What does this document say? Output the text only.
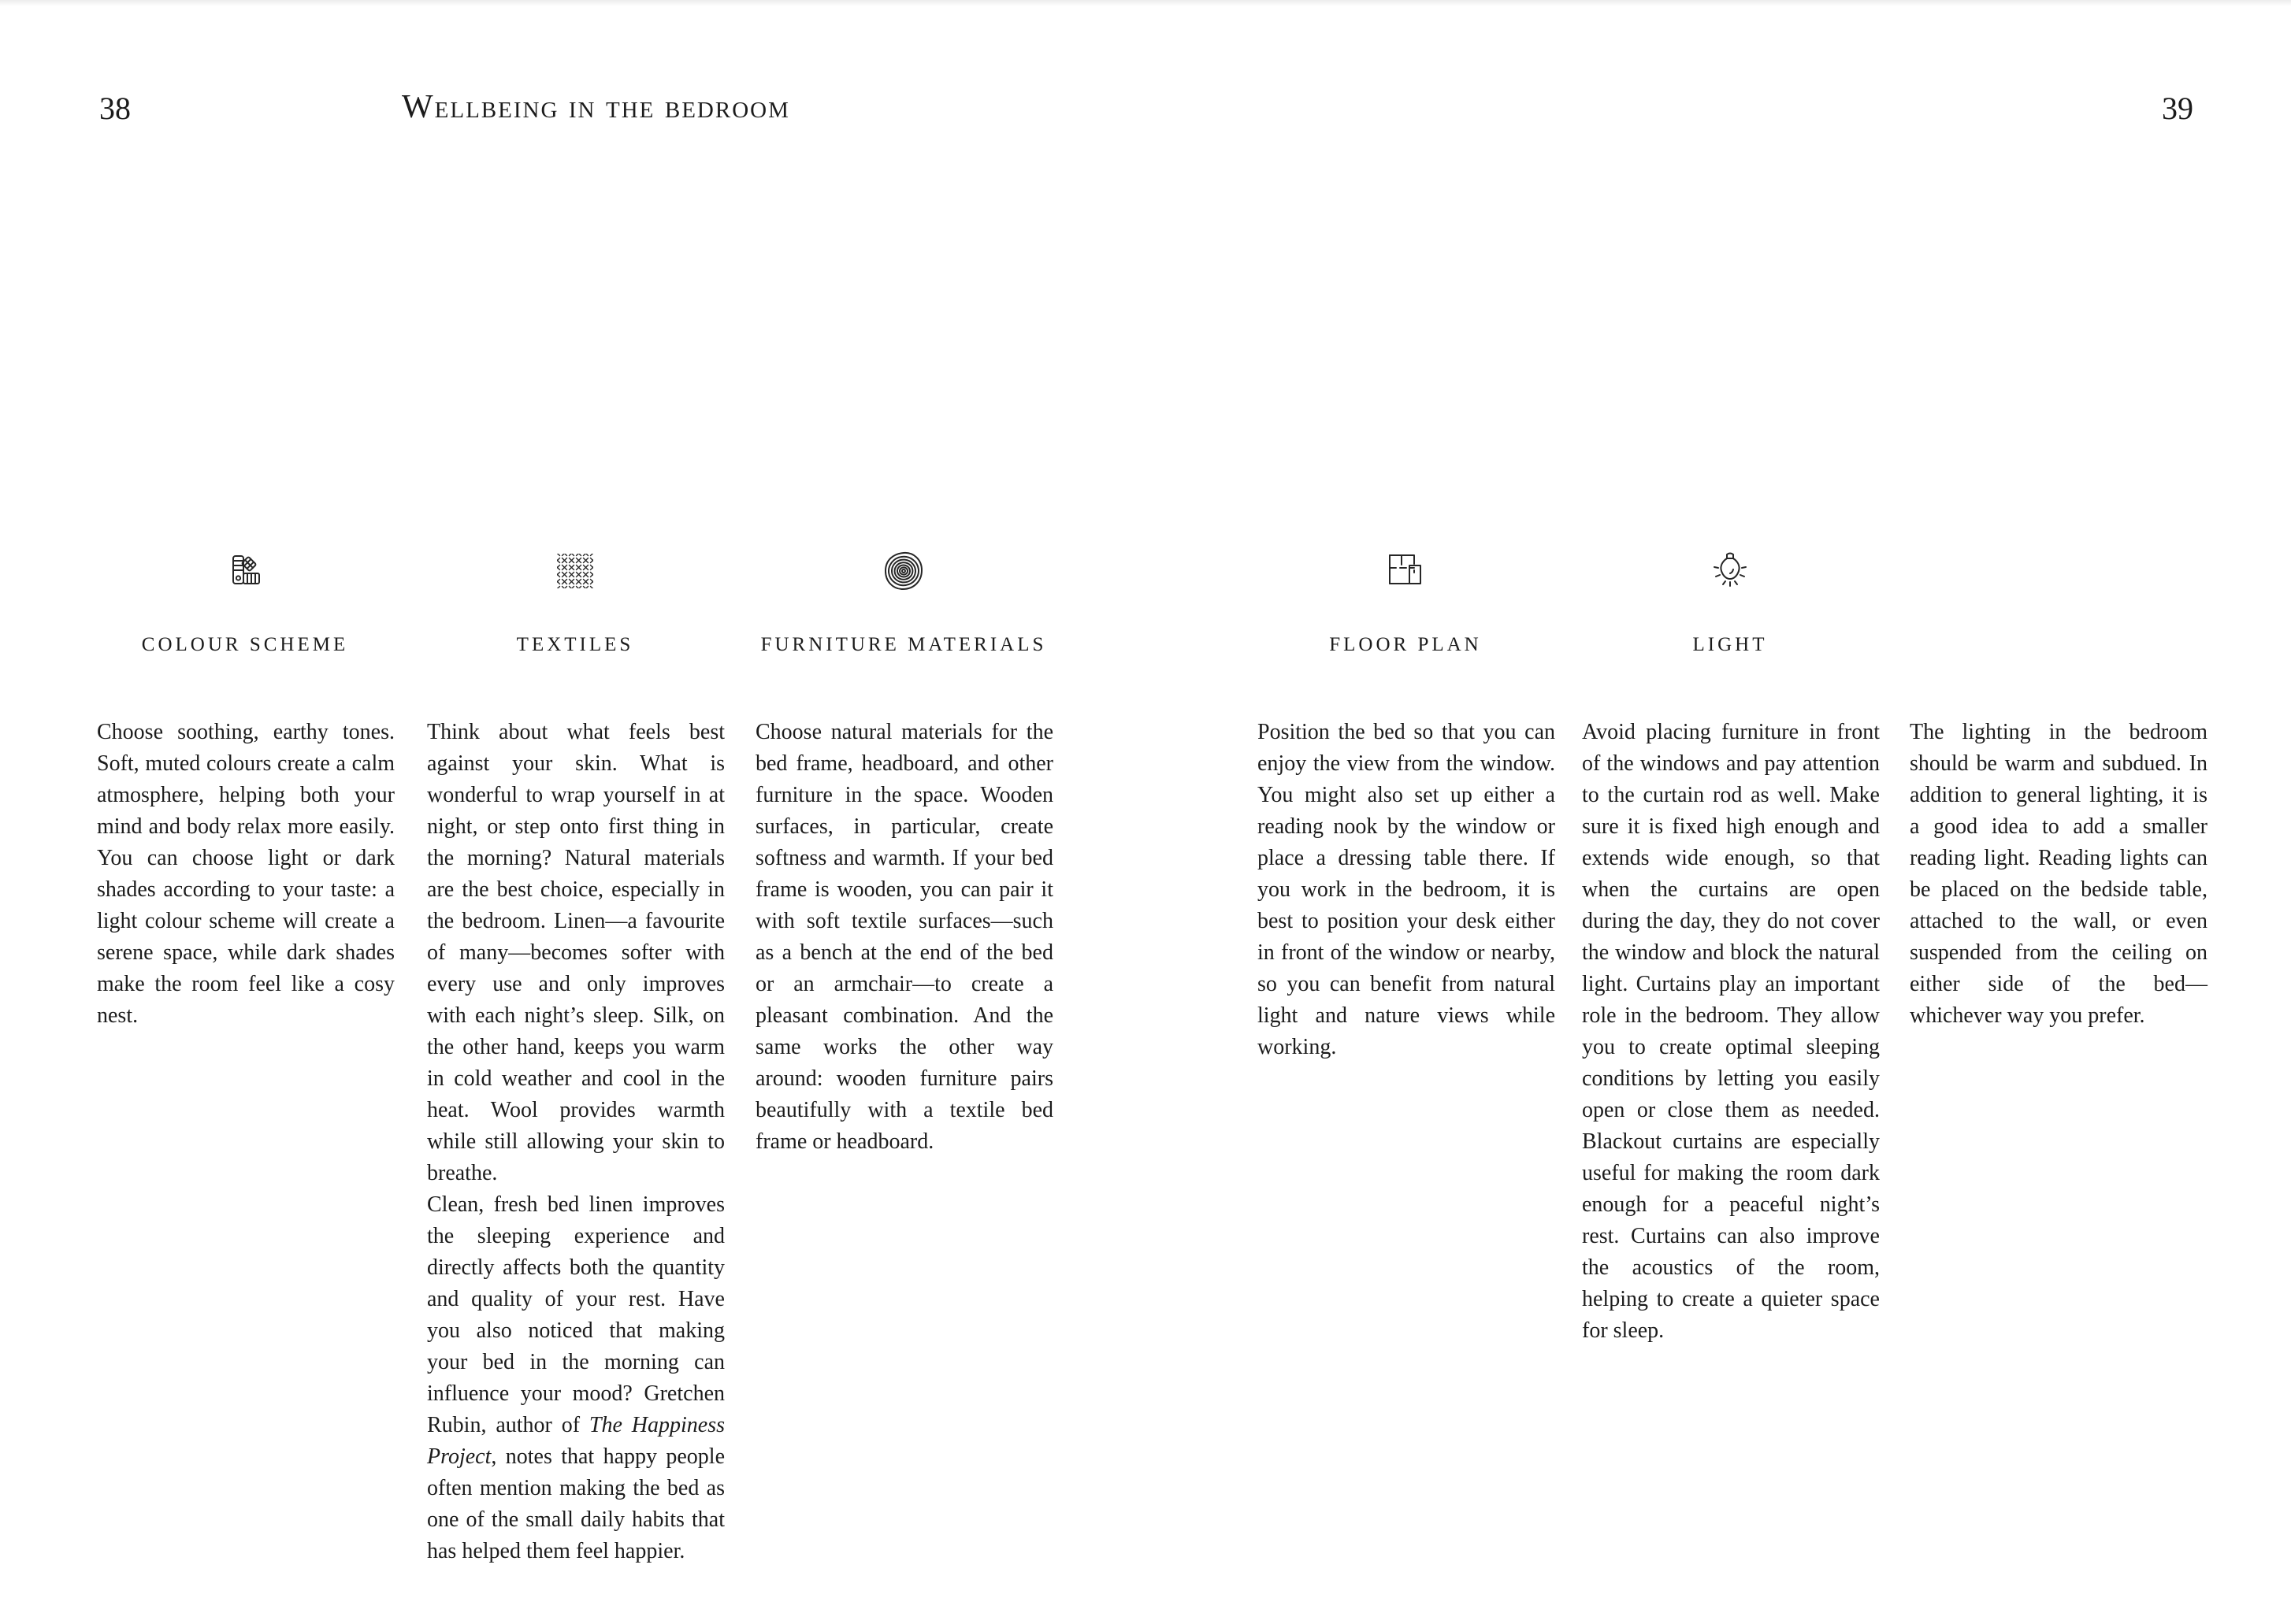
38	Wellbeing in the bedroom	39
COLOUR SCHEME	TEXTILES	FURNITURE MATERIALS	FLOOR PLAN	LIGHT

Choose soothing, earthy tones. Soft, muted colours create a calm atmosphere, helping both your mind and body relax more easily. You can choose light or dark shades according to your taste: a light colour scheme will create a serene space, while dark shades make the room feel like a cosy nest.

Think about what feels best against your skin. What is wonderful to wrap yourself in at night, or step onto first thing in the morning? Natural materials are the best choice, especially in the bedroom. Linen—a favourite of many—becomes softer with every use and only improves with each night’s sleep. Silk, on the other hand, keeps you warm in cold weather and cool in the heat. Wool provides warmth while still allowing your skin to breathe.

Clean, fresh bed linen improves the sleeping experience and directly affects both the quantity and quality of your rest. Have you also noticed that making your bed in the morning can influence your mood? Gretchen Rubin, author of The Happiness Project, notes that happy people often mention making the bed as one of the small daily habits that has helped them feel happier.

Choose natural materials for the bed frame, headboard, and other furniture in the space. Wooden surfaces, in particular, create softness and warmth. If your bed frame is wooden, you can pair it with soft textile surfaces—such as a bench at the end of the bed or an armchair—to create a pleasant combination. And the same works the other way around: wooden furniture pairs beautifully with a textile bed frame or headboard.

Position the bed so that you can enjoy the view from the window. You might also set up either a reading nook by the window or place a dressing table there. If you work in the bedroom, it is best to position your desk either in front of the window or nearby, so you can benefit from natural light and nature views while working.

Avoid placing furniture in front of the windows and pay attention to the curtain rod as well. Make sure it is fixed high enough and extends wide enough, so that when the curtains are open during the day, they do not cover the window and block the natural light. Curtains play an important role in the bedroom. They allow you to create optimal sleeping conditions by letting you easily open or close them as needed. Blackout curtains are especially useful for making the room dark enough for a peaceful night’s rest. Curtains can also improve the acoustics of the room, helping to create a quieter space for sleep.

The lighting in the bedroom should be warm and subdued. In addition to general lighting, it is a good idea to add a smaller reading light. Reading lights can be placed on the bedside table, attached to the wall, or even suspended from the ceiling on either side of the bed—whichever way you prefer.
